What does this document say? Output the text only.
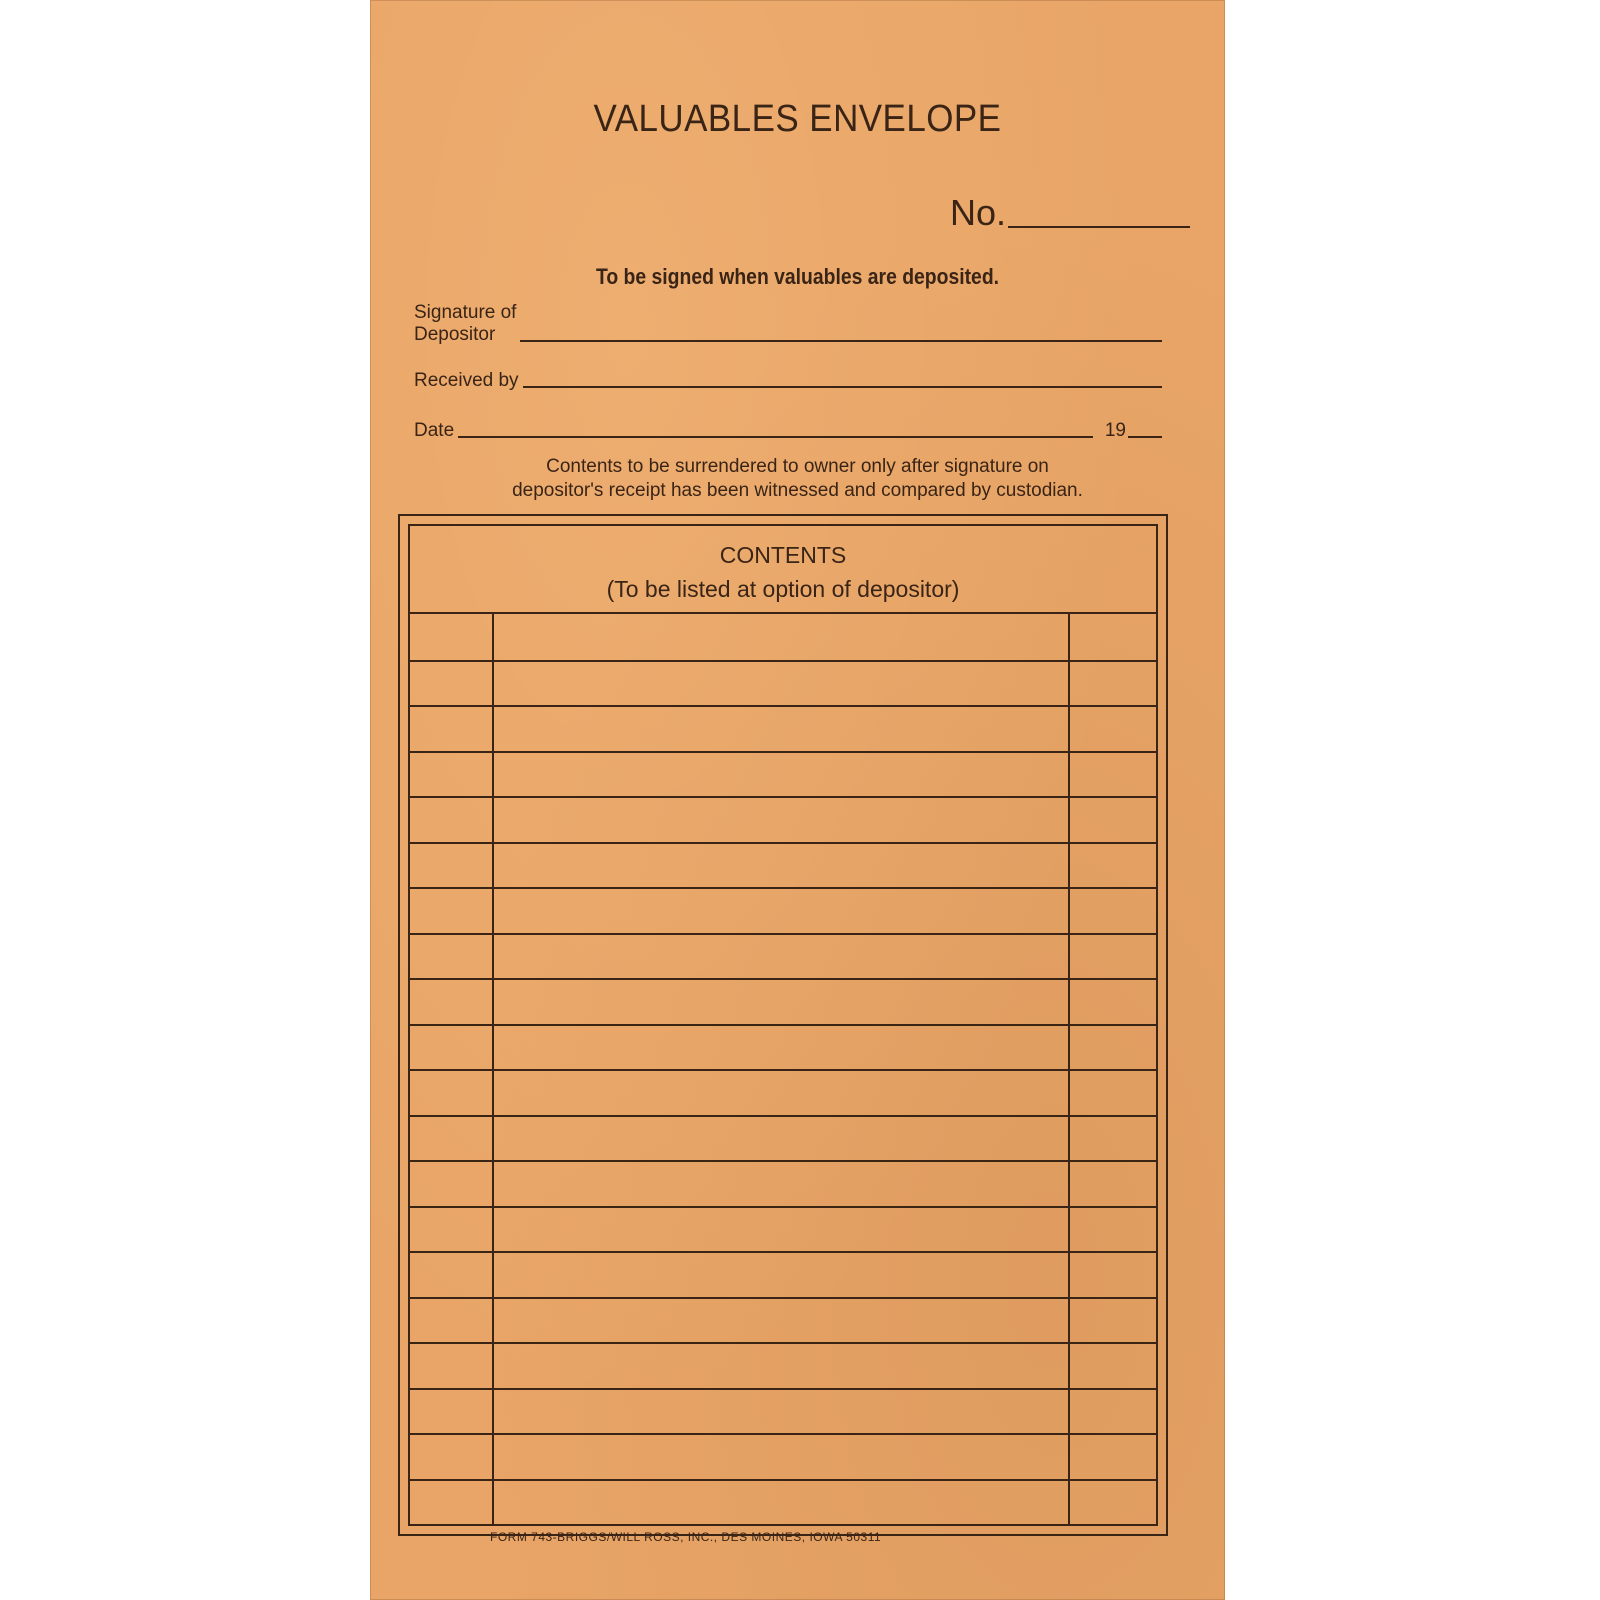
VALUABLES ENVELOPE
No.
To be signed when valuables are deposited.
Signature of
Depositor
Received by
Date	19
Contents to be surrendered to owner only after signature on
depositor's receipt has been witnessed and compared by custodian.
CONTENTS
(To be listed at option of depositor)
FORM 743-BRIGGS/WILL ROSS, INC., DES MOINES, IOWA 50311
